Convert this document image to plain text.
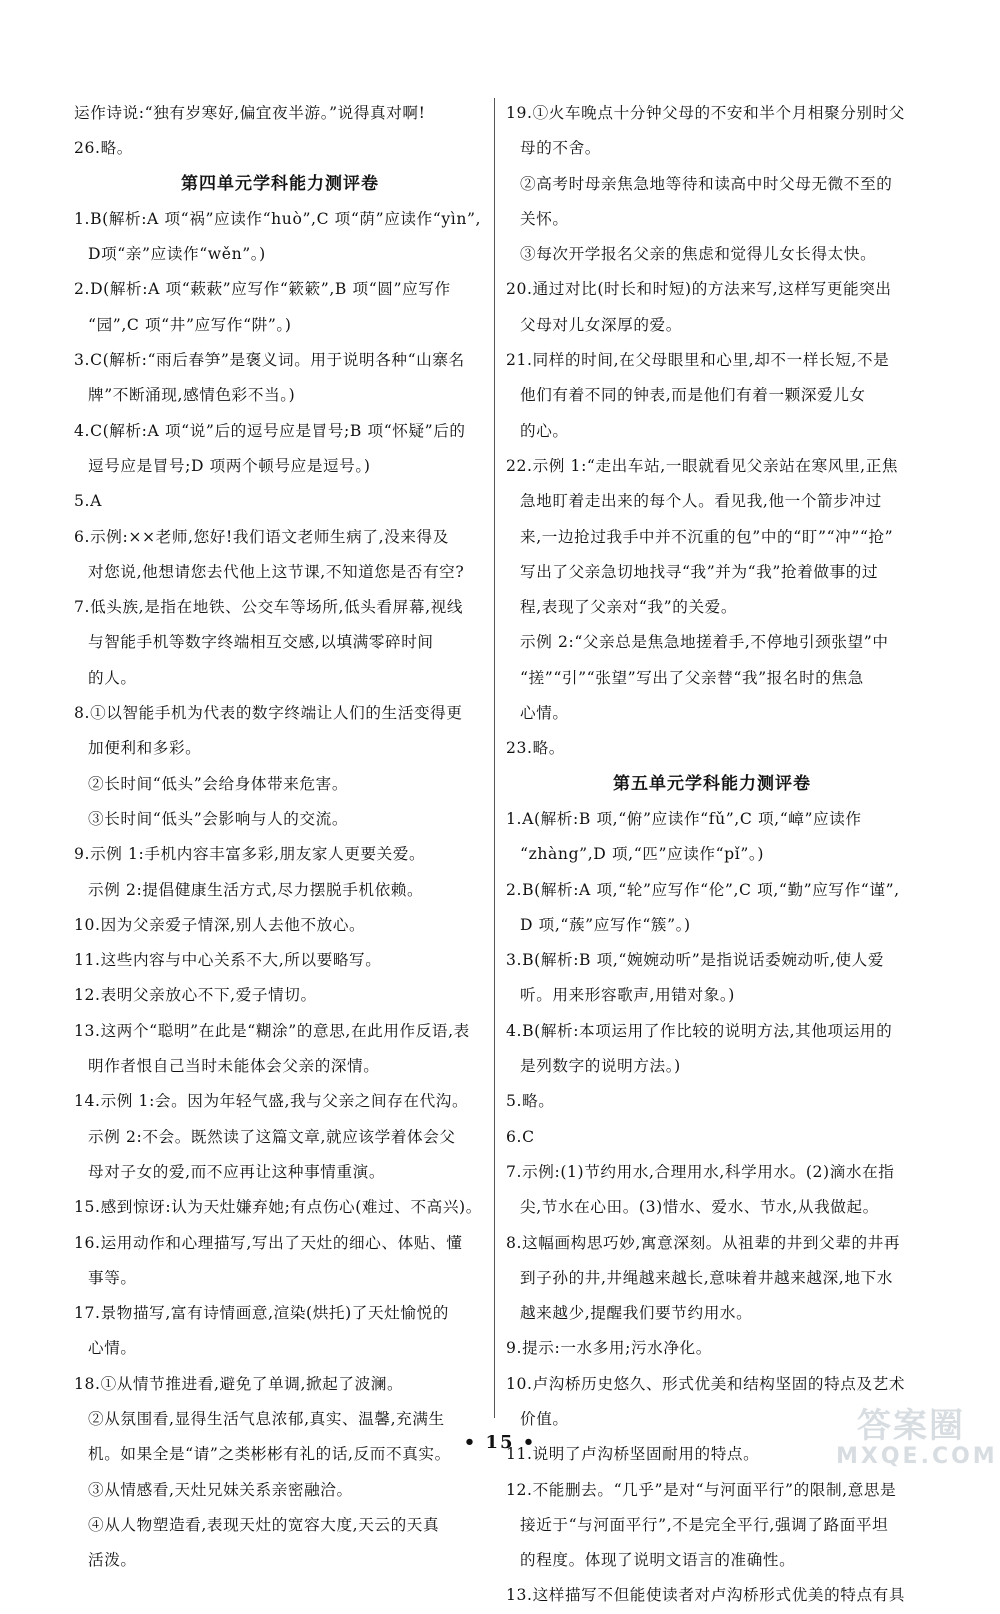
运作诗说:“独有岁寒好,偏宜夜半游。”说得真对啊!
26.略。
第四单元学科能力测评卷
1.B(解析:A 项“祸”应读作“huò”,C 项“荫”应读作“yìn”,
D项“亲”应读作“wěn”。)
2.D(解析:A 项“蔌蔌”应写作“簌簌”,B 项“圆”应写作
“园”,C 项“井”应写作“阱”。)
3.C(解析:“雨后春笋”是褒义词。用于说明各种“山寨名
牌”不断涌现,感情色彩不当。)
4.C(解析:A 项“说”后的逗号应是冒号;B 项“怀疑”后的
逗号应是冒号;D 项两个顿号应是逗号。)
5.A
6.示例:××老师,您好!我们语文老师生病了,没来得及
对您说,他想请您去代他上这节课,不知道您是否有空?
7.低头族,是指在地铁、公交车等场所,低头看屏幕,视线
与智能手机等数字终端相互交感,以填满零碎时间
的人。
8.①以智能手机为代表的数字终端让人们的生活变得更
加便利和多彩。
②长时间“低头”会给身体带来危害。
③长时间“低头”会影响与人的交流。
9.示例 1:手机内容丰富多彩,朋友家人更要关爱。
示例 2:提倡健康生活方式,尽力摆脱手机依赖。
10.因为父亲爱子情深,别人去他不放心。
11.这些内容与中心关系不大,所以要略写。
12.表明父亲放心不下,爱子情切。
13.这两个“聪明”在此是“糊涂”的意思,在此用作反语,表
明作者恨自己当时未能体会父亲的深情。
14.示例 1:会。因为年轻气盛,我与父亲之间存在代沟。
示例 2:不会。既然读了这篇文章,就应该学着体会父
母对子女的爱,而不应再让这种事情重演。
15.感到惊讶:认为天灶嫌弃她;有点伤心(难过、不高兴)。
16.运用动作和心理描写,写出了天灶的细心、体贴、懂
事等。
17.景物描写,富有诗情画意,渲染(烘托)了天灶愉悦的
心情。
18.①从情节推进看,避免了单调,掀起了波澜。
②从氛围看,显得生活气息浓郁,真实、温馨,充满生
机。如果全是“请”之类彬彬有礼的话,反而不真实。
③从情感看,天灶兄妹关系亲密融洽。
④从人物塑造看,表现天灶的宽容大度,天云的天真
活泼。
19.①火车晚点十分钟父母的不安和半个月相聚分别时父
母的不舍。
②高考时母亲焦急地等待和读高中时父母无微不至的
关怀。
③每次开学报名父亲的焦虑和觉得儿女长得太快。
20.通过对比(时长和时短)的方法来写,这样写更能突出
父母对儿女深厚的爱。
21.同样的时间,在父母眼里和心里,却不一样长短,不是
他们有着不同的钟表,而是他们有着一颗深爱儿女
的心。
22.示例 1:“走出车站,一眼就看见父亲站在寒风里,正焦
急地盯着走出来的每个人。看见我,他一个箭步冲过
来,一边抢过我手中并不沉重的包”中的“盯”“冲”“抢”
写出了父亲急切地找寻“我”并为“我”抢着做事的过
程,表现了父亲对“我”的关爱。
示例 2:“父亲总是焦急地搓着手,不停地引颈张望”中
“搓”“引”“张望”写出了父亲替“我”报名时的焦急
心情。
23.略。
第五单元学科能力测评卷
1.A(解析:B 项,“俯”应读作“fǔ”,C 项,“嶂”应读作
“zhàng”,D 项,“匹”应读作“pǐ”。)
2.B(解析:A 项,“轮”应写作“伦”,C 项,“勤”应写作“谨”,
D 项,“蔟”应写作“簇”。)
3.B(解析:B 项,“婉婉动听”是指说话委婉动听,使人爱
听。用来形容歌声,用错对象。)
4.B(解析:本项运用了作比较的说明方法,其他项运用的
是列数字的说明方法。)
5.略。
6.C
7.示例:(1)节约用水,合理用水,科学用水。(2)滴水在指
尖,节水在心田。(3)惜水、爱水、节水,从我做起。
8.这幅画构思巧妙,寓意深刻。从祖辈的井到父辈的井再
到子孙的井,井绳越来越长,意味着井越来越深,地下水
越来越少,提醒我们要节约用水。
9.提示:一水多用;污水净化。
10.卢沟桥历史悠久、形式优美和结构坚固的特点及艺术
价值。
11.说明了卢沟桥坚固耐用的特点。
12.不能删去。“几乎”是对“与河面平行”的限制,意思是
接近于“与河面平行”,不是完全平行,强调了路面平坦
的程度。体现了说明文语言的准确性。
13.这样描写不但能使读者对卢沟桥形式优美的特点有具
• 15 •	答案圈
MXQE.COM
